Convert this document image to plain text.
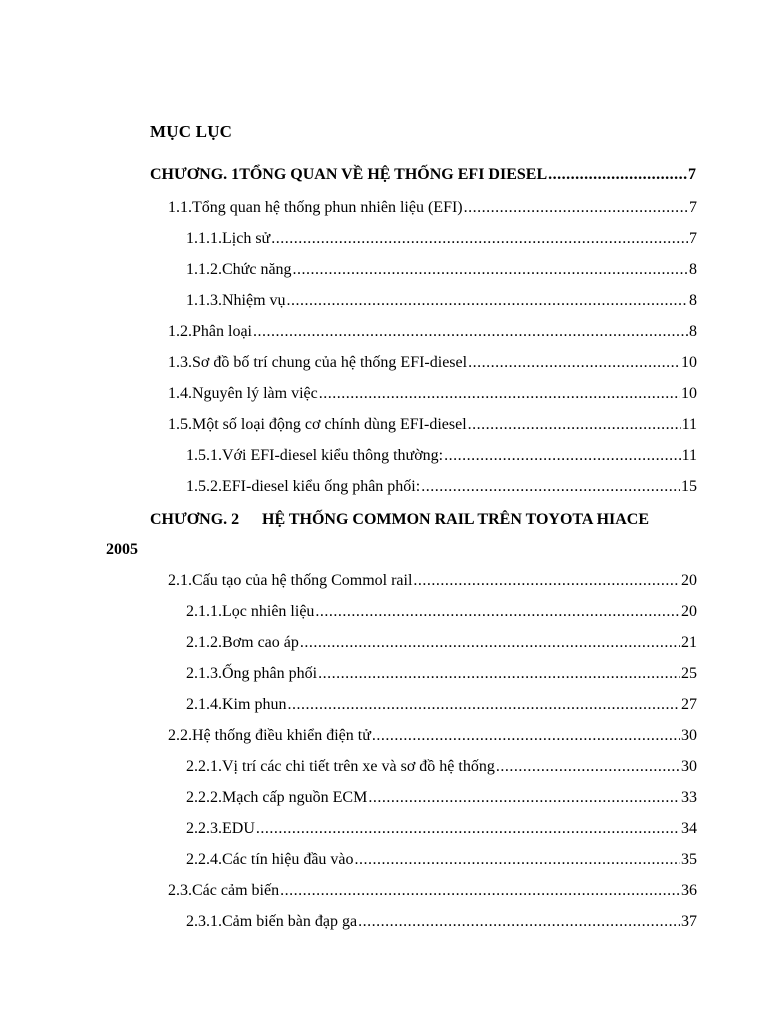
MỤC LỤC
CHƯƠNG. 1 TỔNG QUAN VỀ HỆ THỐNG EFI DIESEL .....	7
1.1. Tổng quan hệ thống phun nhiên liệu (EFI) .....	7
1.1.1. Lịch sử .....	7
1.1.2. Chức năng .....	8
1.1.3. Nhiệm vụ .....	8
1.2. Phân loại .....	8
1.3. Sơ đồ bố trí chung của hệ thống EFI-diesel .....	10
1.4. Nguyên lý làm việc .....	10
1.5. Một số loại động cơ chính dùng EFI-diesel .....	11
1.5.1. Với EFI-diesel kiểu thông thường: .....	11
1.5.2. EFI-diesel kiểu ống phân phối: .....	15
CHƯƠNG. 2	HỆ THỐNG COMMON RAIL TRÊN TOYOTA HIACE
2005
2.1. Cấu tạo của hệ thống Commol rail .....	20
2.1.1. Lọc nhiên liệu .....	20
2.1.2. Bơm cao áp .....	21
2.1.3. Ống phân phối .....	25
2.1.4. Kim phun .....	27
2.2. Hệ thống điều khiển điện tử .....	30
2.2.1. Vị trí các chi tiết trên xe và sơ đồ hệ thống .....	30
2.2.2. Mạch cấp nguồn ECM .....	33
2.2.3. EDU .....	34
2.2.4. Các tín hiệu đầu vào .....	35
2.3. Các cảm biến .....	36
2.3.1. Cảm biến bàn đạp ga .....	37
